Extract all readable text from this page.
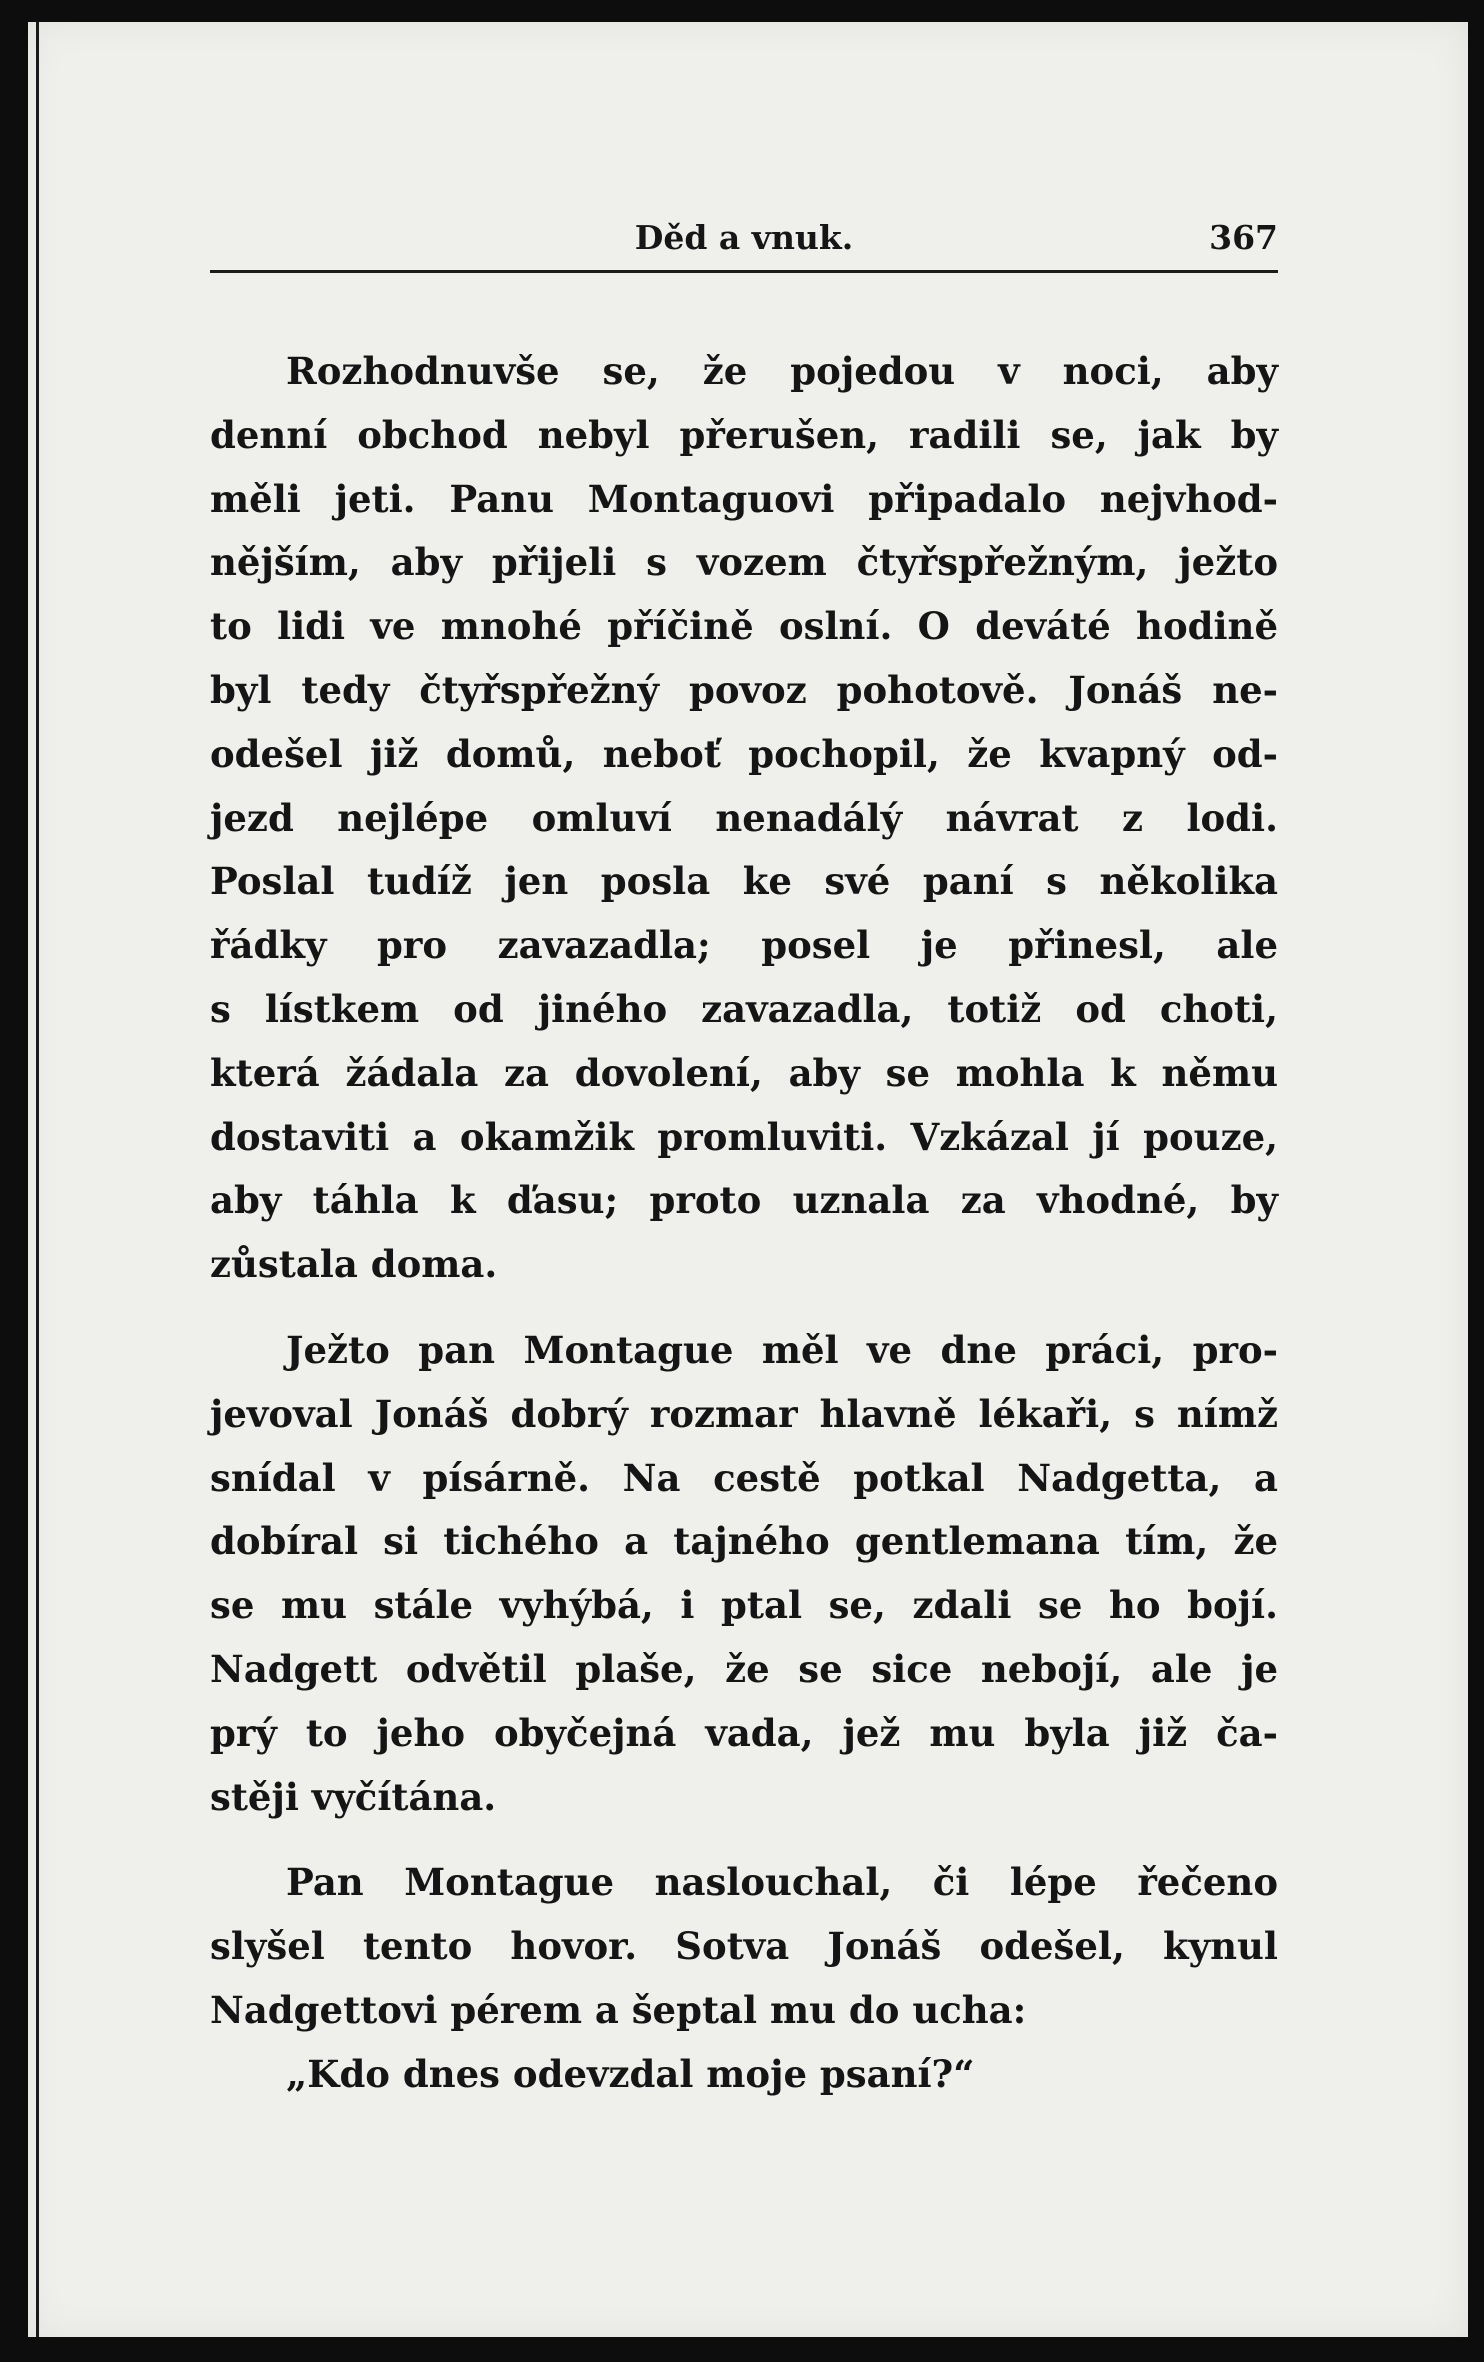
Děd a vnuk.	367
Rozhodnuvše se, že pojedou v noci, aby
denní obchod nebyl přerušen, radili se, jak by
měli jeti. Panu Montaguovi připadalo nejvhod-
nějším, aby přijeli s vozem čtyřspřežným, ježto
to lidi ve mnohé příčině oslní. O deváté hodině
byl tedy čtyřspřežný povoz pohotově. Jonáš ne-
odešel již domů, neboť pochopil, že kvapný od-
jezd nejlépe omluví nenadálý návrat z lodi.
Poslal tudíž jen posla ke své paní s několika
řádky pro zavazadla; posel je přinesl, ale
s lístkem od jiného zavazadla, totiž od choti,
která žádala za dovolení, aby se mohla k němu
dostaviti a okamžik promluviti. Vzkázal jí pouze,
aby táhla k ďasu; proto uznala za vhodné, by
zůstala doma.
Ježto pan Montague měl ve dne práci, pro-
jevoval Jonáš dobrý rozmar hlavně lékaři, s nímž
snídal v písárně. Na cestě potkal Nadgetta, a
dobíral si tichého a tajného gentlemana tím, že
se mu stále vyhýbá, i ptal se, zdali se ho bojí.
Nadgett odvětil plaše, že se sice nebojí, ale je
prý to jeho obyčejná vada, jež mu byla již ča-
stěji vyčítána.
Pan Montague naslouchal, či lépe řečeno
slyšel tento hovor. Sotva Jonáš odešel, kynul
Nadgettovi pérem a šeptal mu do ucha:
„Kdo dnes odevzdal moje psaní?“
